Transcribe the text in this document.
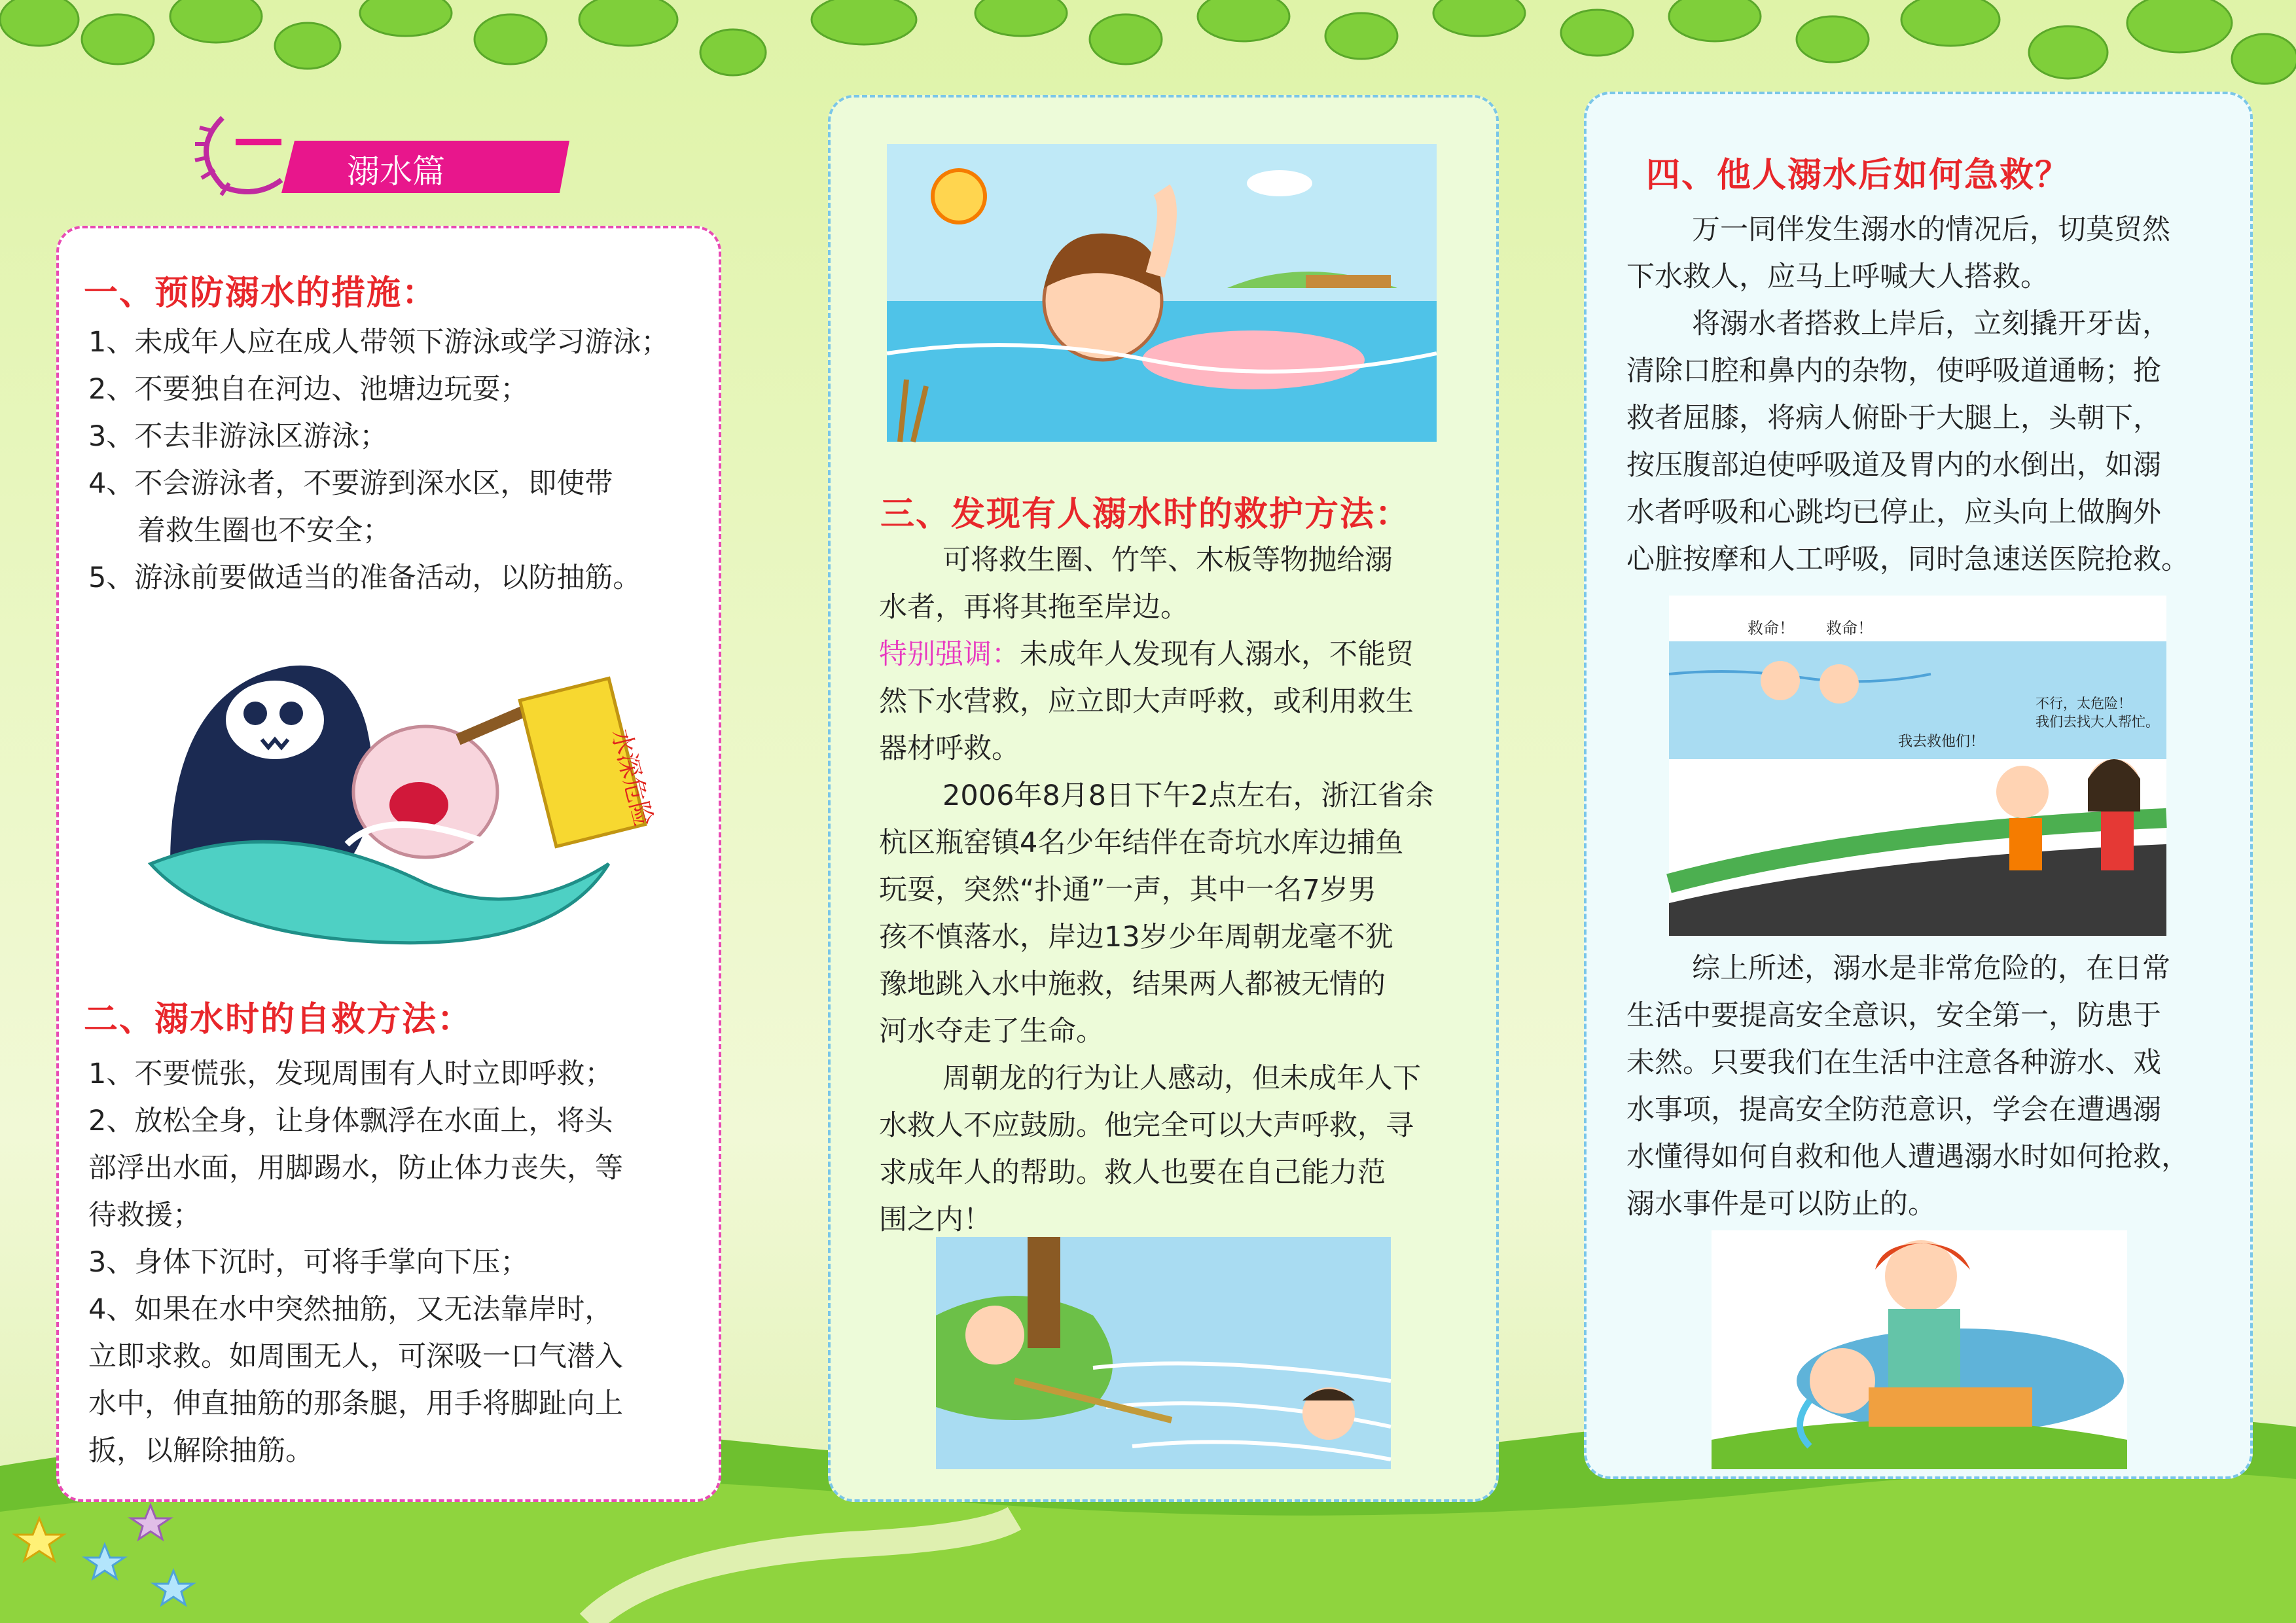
溺水篇

一、预防溺水的措施：

1、未成年人应在成人带领下游泳或学习游泳；

2、不要独自在河边、池塘边玩耍；

3、不去非游泳区游泳；

4、不会游泳者，不要游到深水区，即使带

着救生圈也不安全；

5、游泳前要做适当的准备活动，以防抽筋。

水深危险

二、溺水时的自救方法：

1、不要慌张，发现周围有人时立即呼救；

2、放松全身，让身体飘浮在水面上，将头

部浮出水面，用脚踢水，防止体力丧失，等

待救援；

3、身体下沉时，可将手掌向下压；

4、如果在水中突然抽筋，又无法靠岸时，

立即求救。如周围无人，可深吸一口气潜入

水中，伸直抽筋的那条腿，用手将脚趾向上

扳，以解除抽筋。

三、发现有人溺水时的救护方法：

可将救生圈、竹竿、木板等物抛给溺

水者，再将其拖至岸边。

特别强调：未成年人发现有人溺水，不能贸

然下水营救，应立即大声呼救，或利用救生

器材呼救。

2006年8月8日下午2点左右，浙江省余

杭区瓶窑镇4名少年结伴在奇坑水库边捕鱼

玩耍，突然“扑通”一声，其中一名7岁男

孩不慎落水，岸边13岁少年周朝龙毫不犹

豫地跳入水中施救，结果两人都被无情的

河水夺走了生命。

周朝龙的行为让人感动，但未成年人下

水救人不应鼓励。他完全可以大声呼救，寻

求成年人的帮助。救人也要在自己能力范

围之内！

四、他人溺水后如何急救？

万一同伴发生溺水的情况后，切莫贸然

下水救人，应马上呼喊大人搭救。

将溺水者搭救上岸后，立刻撬开牙齿，

清除口腔和鼻内的杂物，使呼吸道通畅；抢

救者屈膝，将病人俯卧于大腿上，头朝下，

按压腹部迫使呼吸道及胃内的水倒出，如溺

水者呼吸和心跳均已停止，应头向上做胸外

心脏按摩和人工呼吸，同时急速送医院抢救。

救命！ 救命！
我去救他们！
不行，太危险！
我们去找大人帮忙。

综上所述，溺水是非常危险的，在日常

生活中要提高安全意识，安全第一，防患于

未然。只要我们在生活中注意各种游水、戏

水事项，提高安全防范意识，学会在遭遇溺

水懂得如何自救和他人遭遇溺水时如何抢救，

溺水事件是可以防止的。
